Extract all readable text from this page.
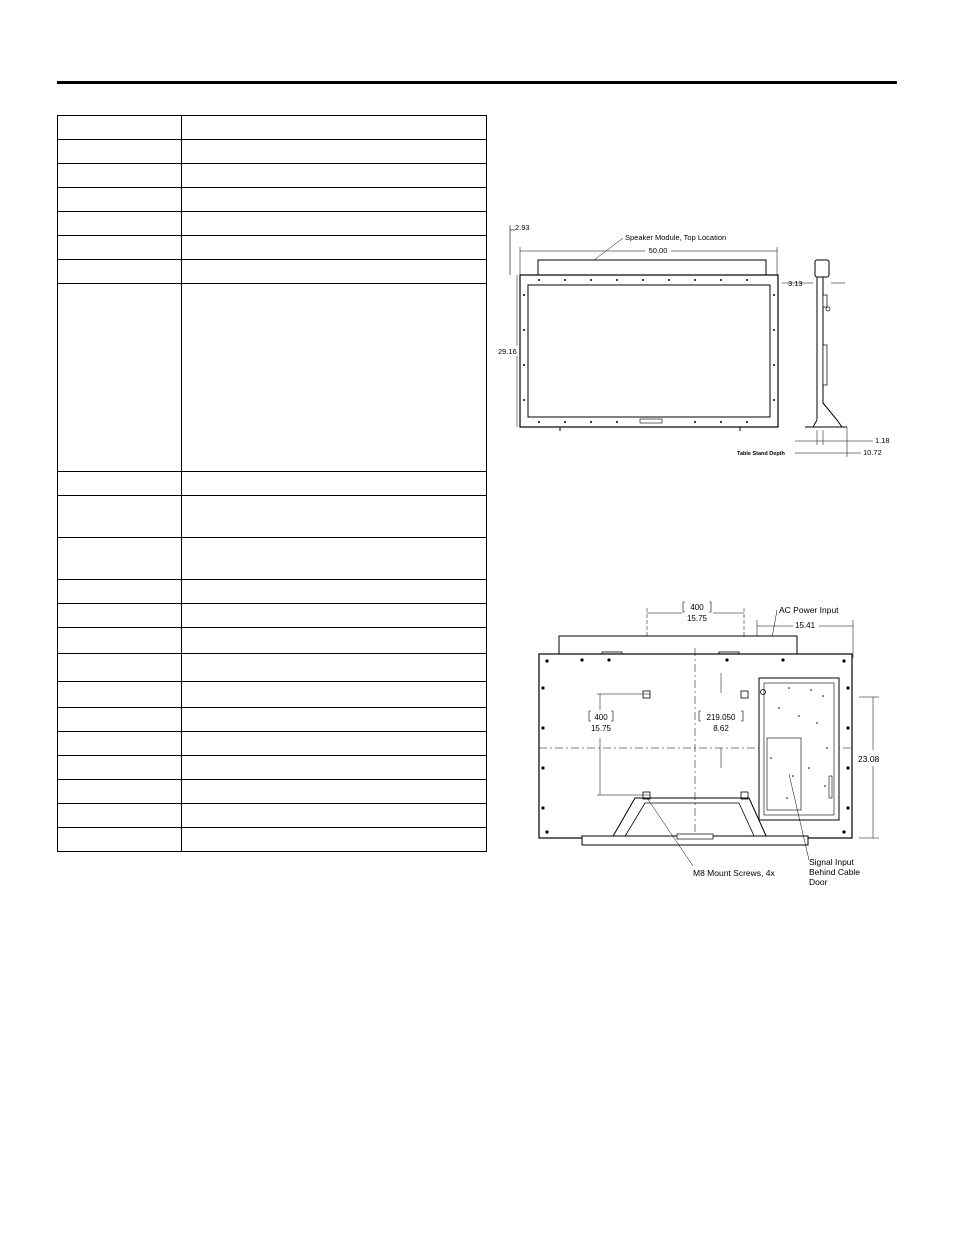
2.93
Speaker Module, Top Location
50.00
29.16
3.13
1.18
Table Stand Depth	10.72
400
15.75
AC Power Input
15.41
400
15.75
219.050
8.62
23.08
M8 Mount Screws, 4x
Signal Input
Behind Cable
Door
